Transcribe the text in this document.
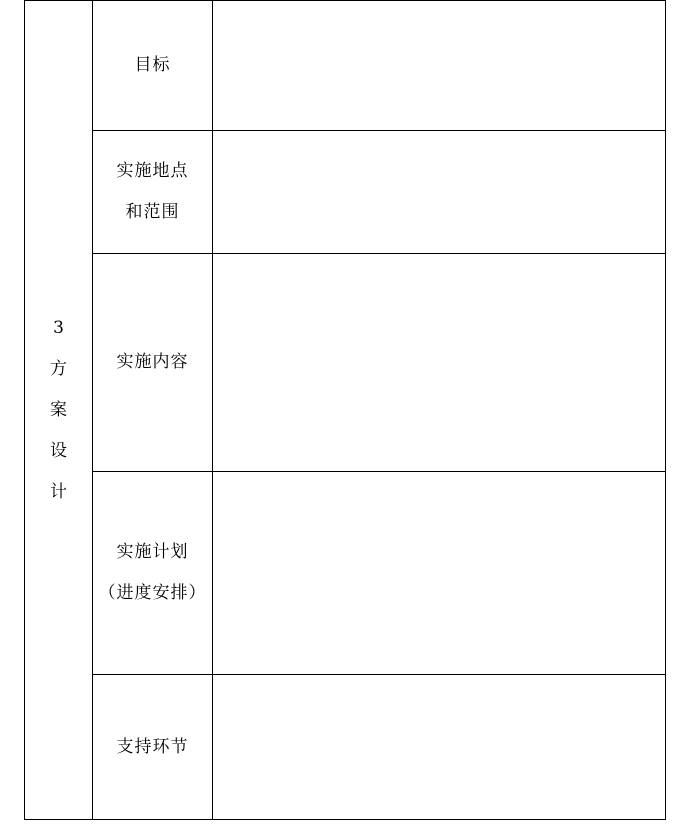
3
方
案
设
计	目标	

	实施地点
和范围	

	实施内容	

	实施计划
（进度安排）	

	支持环节	
